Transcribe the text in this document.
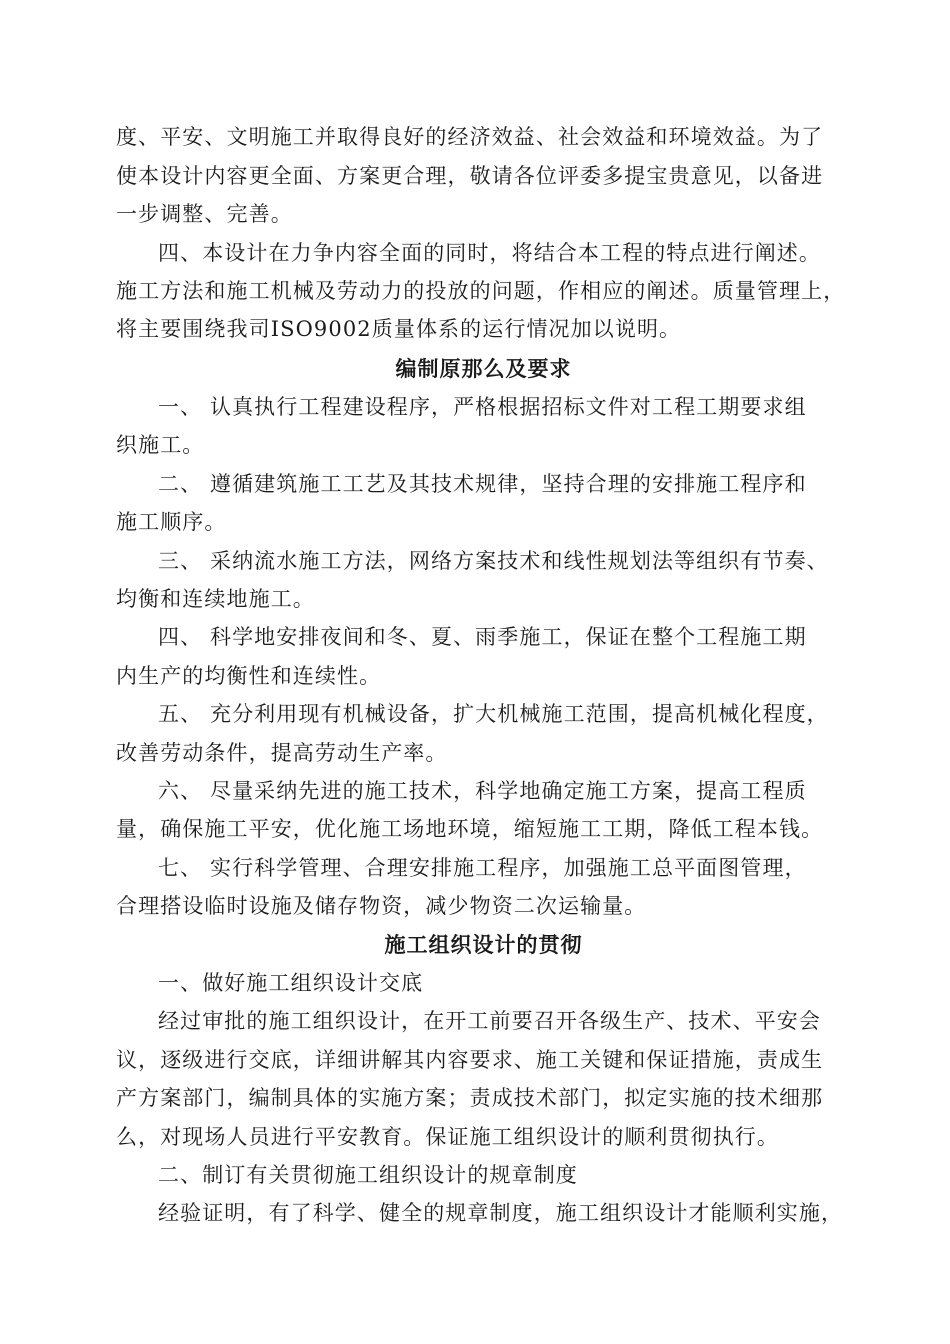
度、平安、文明施工并取得良好的经济效益、社会效益和环境效益。为了
使本设计内容更全面、方案更合理，敬请各位评委多提宝贵意见，以备进
一步调整、完善。
四、本设计在力争内容全面的同时，将结合本工程的特点进行阐述。
施工方法和施工机械及劳动力的投放的问题，作相应的阐述。质量管理上，
将主要围绕我司ISO9002质量体系的运行情况加以说明。
编制原那么及要求
一、 认真执行工程建设程序，严格根据招标文件对工程工期要求组
织施工。
二、 遵循建筑施工工艺及其技术规律，坚持合理的安排施工程序和
施工顺序。
三、 采纳流水施工方法，网络方案技术和线性规划法等组织有节奏、
均衡和连续地施工。
四、 科学地安排夜间和冬、夏、雨季施工，保证在整个工程施工期
内生产的均衡性和连续性。
五、 充分利用现有机械设备，扩大机械施工范围，提高机械化程度，
改善劳动条件，提高劳动生产率。
六、 尽量采纳先进的施工技术，科学地确定施工方案，提高工程质
量，确保施工平安，优化施工场地环境，缩短施工工期，降低工程本钱。
七、 实行科学管理、合理安排施工程序，加强施工总平面图管理，
合理搭设临时设施及储存物资，减少物资二次运输量。
施工组织设计的贯彻
一、做好施工组织设计交底
经过审批的施工组织设计，在开工前要召开各级生产、技术、平安会
议，逐级进行交底，详细讲解其内容要求、施工关键和保证措施，责成生
产方案部门，编制具体的实施方案；责成技术部门，拟定实施的技术细那
么，对现场人员进行平安教育。保证施工组织设计的顺利贯彻执行。
二、制订有关贯彻施工组织设计的规章制度
经验证明，有了科学、健全的规章制度，施工组织设计才能顺利实施，
